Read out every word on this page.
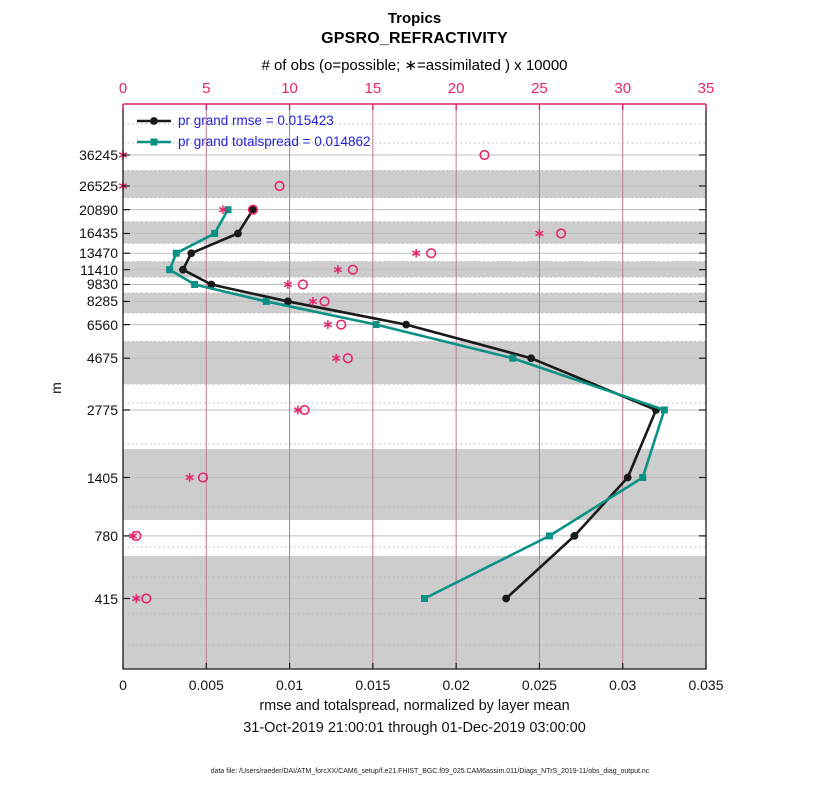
Tropics
GPSRO_REFRACTIVITY
# of obs (o=possible; ∗=assimilated ) x 10000
0	5	10	15	20	25	30	35
0	0.005	0.01	0.015	0.02	0.025	0.03	0.035
36245
26525
20890
16435
13470
11410
9830
8285
6560
4675
2775
1405
780
415
m
pr grand rmse = 0.015423
pr grand totalspread = 0.014862
rmse and totalspread, normalized by layer mean
31-Oct-2019 21:00:01 through 01-Dec-2019 03:00:00
data file: /Users/raeder/DAI/ATM_forcXX/CAM6_setup/f.e21.FHIST_BGC.f09_025.CAM6assim.011/Diags_NTrS_2019-11/obs_diag_output.nc
